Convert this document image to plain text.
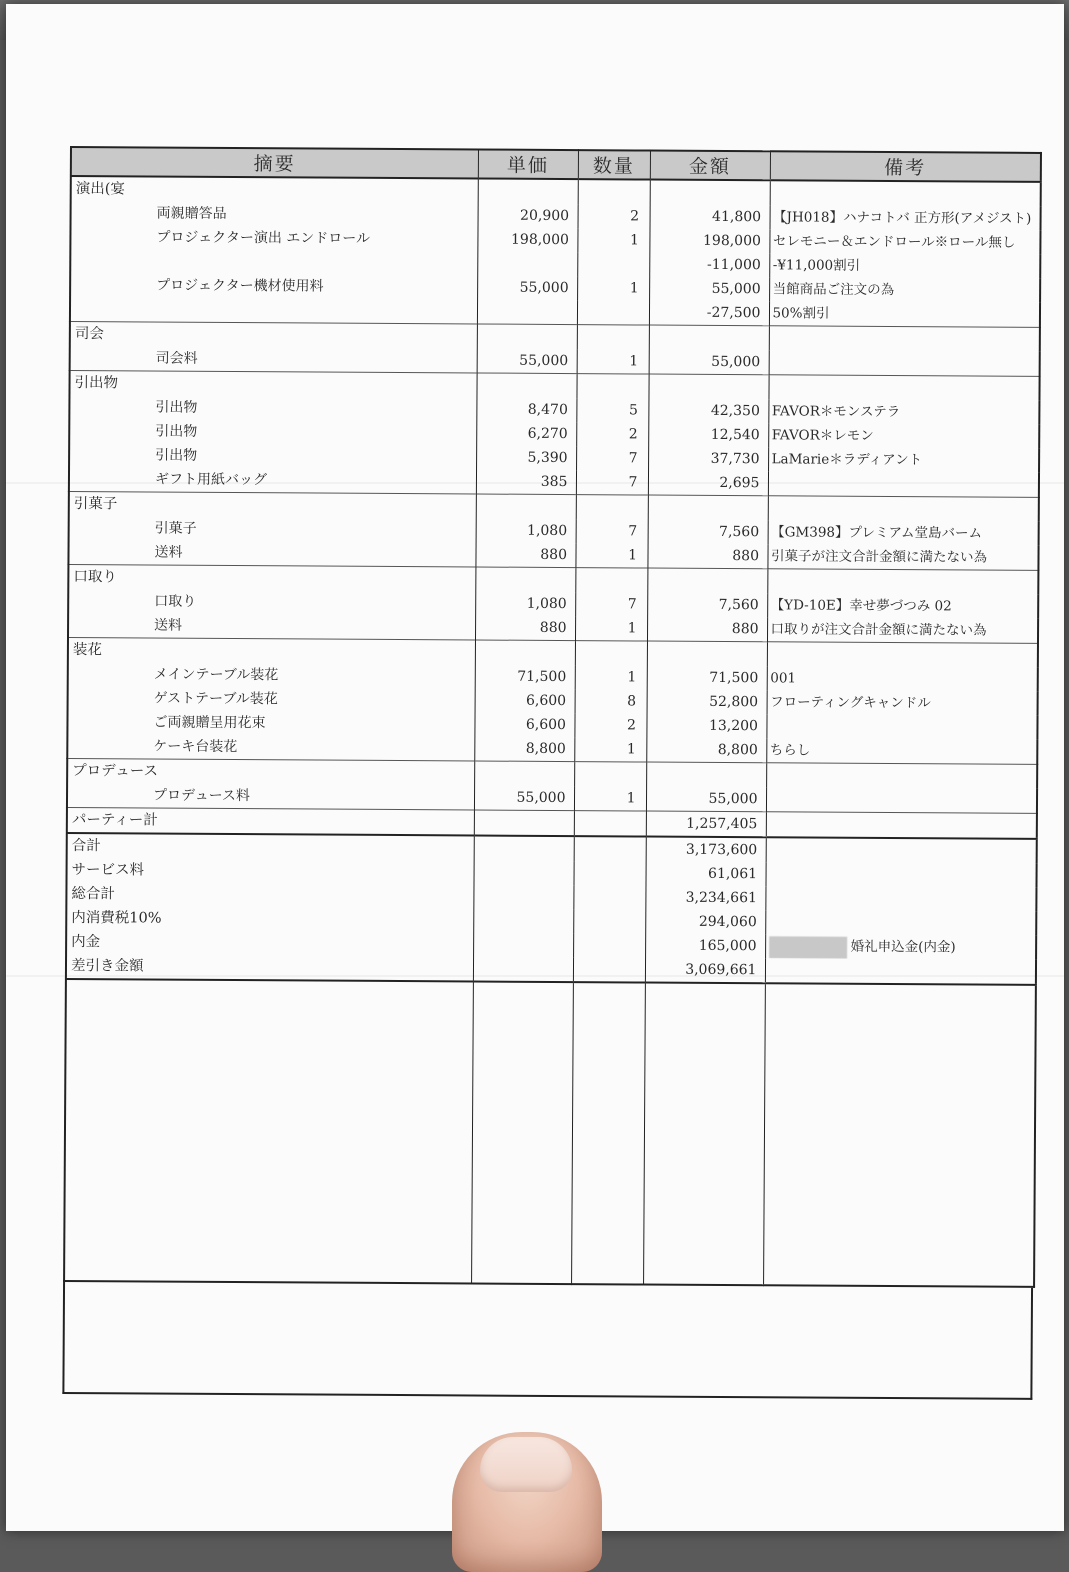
摘要	単価	数量	金額	備考
演出(宴				
両親贈答品	20,900	2	41,800	【JH018】ハナコトバ 正方形(アメジスト)
プロジェクター演出 エンドロール	198,000	1	198,000	セレモニー＆エンドロール※ロール無し
			-11,000	-¥11,000割引
プロジェクター機材使用料	55,000	1	55,000	当館商品ご注文の為
			-27,500	50%割引
司会				
司会料	55,000	1	55,000	
引出物				
引出物	8,470	5	42,350	FAVOR＊モンステラ
引出物	6,270	2	12,540	FAVOR＊レモン
引出物	5,390	7	37,730	LaMarie＊ラディアント
ギフト用紙バッグ	385	7	2,695	
引菓子				
引菓子	1,080	7	7,560	【GM398】プレミアム堂島バーム
送料	880	1	880	引菓子が注文合計金額に満たない為
口取り				
口取り	1,080	7	7,560	【YD-10E】幸せ夢づつみ 02
送料	880	1	880	口取りが注文合計金額に満たない為
装花				
メインテーブル装花	71,500	1	71,500	001
ゲストテーブル装花	6,600	8	52,800	フローティングキャンドル
ご両親贈呈用花束	6,600	2	13,200	
ケーキ台装花	8,800	1	8,800	ちらし
プロデュース				
プロデュース料	55,000	1	55,000	
パーティー計			1,257,405	
合計			3,173,600	
サービス料			61,061	
総合計			3,234,661	
内消費税10%			294,060	
内金			165,000	婚礼申込金(内金)
差引き金額			3,069,661	
